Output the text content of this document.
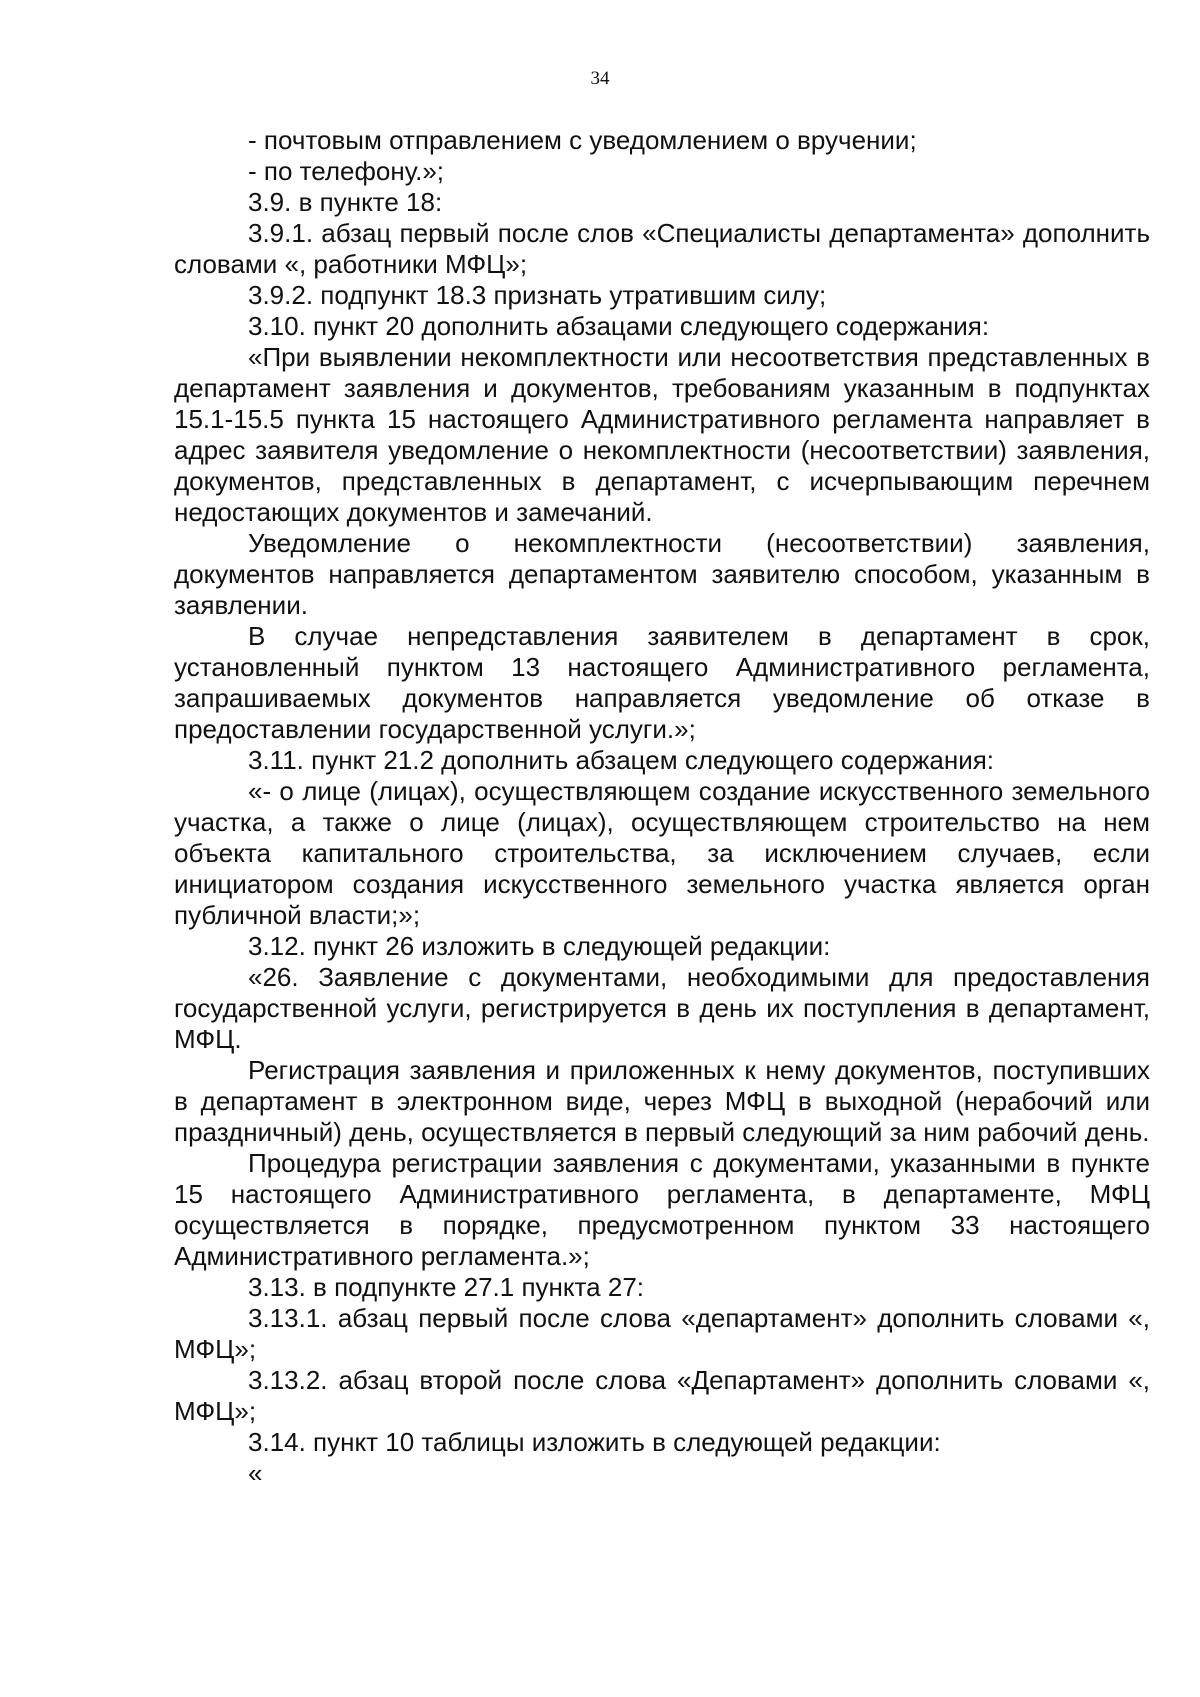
34

- почтовым отправлением с уведомлением о вручении;

- по телефону.»;

3.9. в пункте 18:

3.9.1. абзац первый после слов «Специалисты департамента» дополнить словами «, работники МФЦ»;

3.9.2. подпункт 18.3 признать утратившим силу;

3.10. пункт 20 дополнить абзацами следующего содержания:

«При выявлении некомплектности или несоответствия представленных в департамент заявления и документов, требованиям указанным в подпунктах 15.1-15.5 пункта 15 настоящего Административного регламента направляет в адрес заявителя уведомление о некомплектности (несоответствии) заявления, документов, представленных в департамент, с исчерпывающим перечнем недостающих документов и замечаний.

Уведомление о некомплектности (несоответствии) заявления, документов направляется департаментом заявителю способом, указанным в заявлении.

В случае непредставления заявителем в департамент в срок, установленный пунктом 13 настоящего Административного регламента, запрашиваемых документов направляется уведомление об отказе в предоставлении государственной услуги.»;

3.11. пункт 21.2 дополнить абзацем следующего содержания:

«- о лице (лицах), осуществляющем создание искусственного земельного участка, а также о лице (лицах), осуществляющем строительство на нем объекта капитального строительства, за исключением случаев, если инициатором создания искусственного земельного участка является орган публичной власти;»;

3.12. пункт 26 изложить в следующей редакции:

«26. Заявление с документами, необходимыми для предоставления государственной услуги, регистрируется в день их поступления в департамент, МФЦ.

Регистрация заявления и приложенных к нему документов, поступивших в департамент в электронном виде, через МФЦ в выходной (нерабочий или праздничный) день, осуществляется в первый следующий за ним рабочий день.

Процедура регистрации заявления с документами, указанными в пункте 15 настоящего Административного регламента, в департаменте, МФЦ осуществляется в порядке, предусмотренном пунктом 33 настоящего Административного регламента.»;

3.13. в подпункте 27.1 пункта 27:

3.13.1. абзац первый после слова «департамент» дополнить словами «, МФЦ»;

3.13.2. абзац второй после слова «Департамент» дополнить словами «, МФЦ»;

3.14. пункт 10 таблицы изложить в следующей редакции:

«
